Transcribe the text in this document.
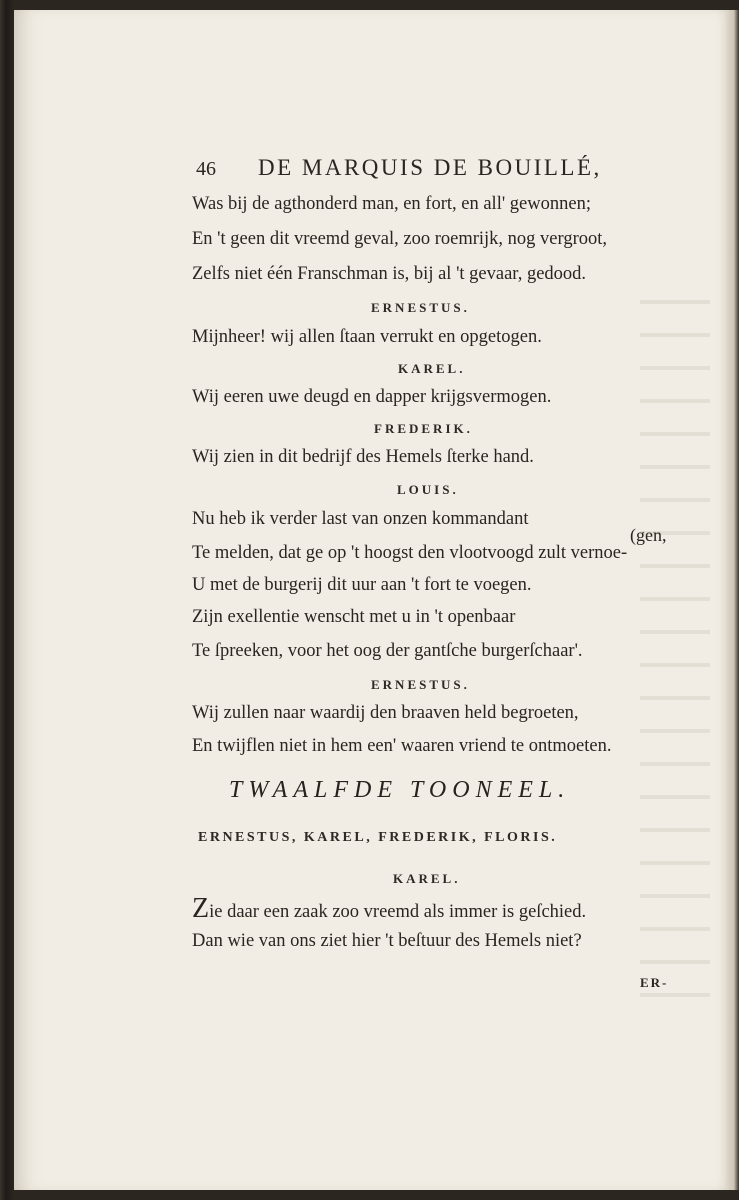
46 DE MARQUIS DE BOUILLÉ,
Was bij de agthonderd man, en fort, en all' gewonnen;
En 't geen dit vreemd geval, zoo roemrijk, nog vergroot,
Zelfs niet één Franschman is, bij al 't gevaar, gedood.
ERNESTUS.
Mijnheer! wij allen ſtaan verrukt en opgetogen.
KAREL.
Wij eeren uwe deugd en dapper krijgsvermogen.
FREDERIK.
Wij zien in dit bedrijf des Hemels ſterke hand.
LOUIS.
Nu heb ik verder last van onzen kommandant
(gen,
Te melden, dat ge op 't hoogst den vlootvoogd zult vernoe-
U met de burgerij dit uur aan 't fort te voegen.
Zijn exellentie wenscht met u in 't openbaar
Te ſpreeken, voor het oog der gantſche burgerſchaar'.
ERNESTUS.
Wij zullen naar waardij den braaven held begroeten,
En twijflen niet in hem een' waaren vriend te ontmoeten.
TWAALFDE TOONEEL.
ERNESTUS, KAREL, FREDERIK, FLORIS.
KAREL.
Zie daar een zaak zoo vreemd als immer is geſchied.
Dan wie van ons ziet hier 't beſtuur des Hemels niet?
ER-
